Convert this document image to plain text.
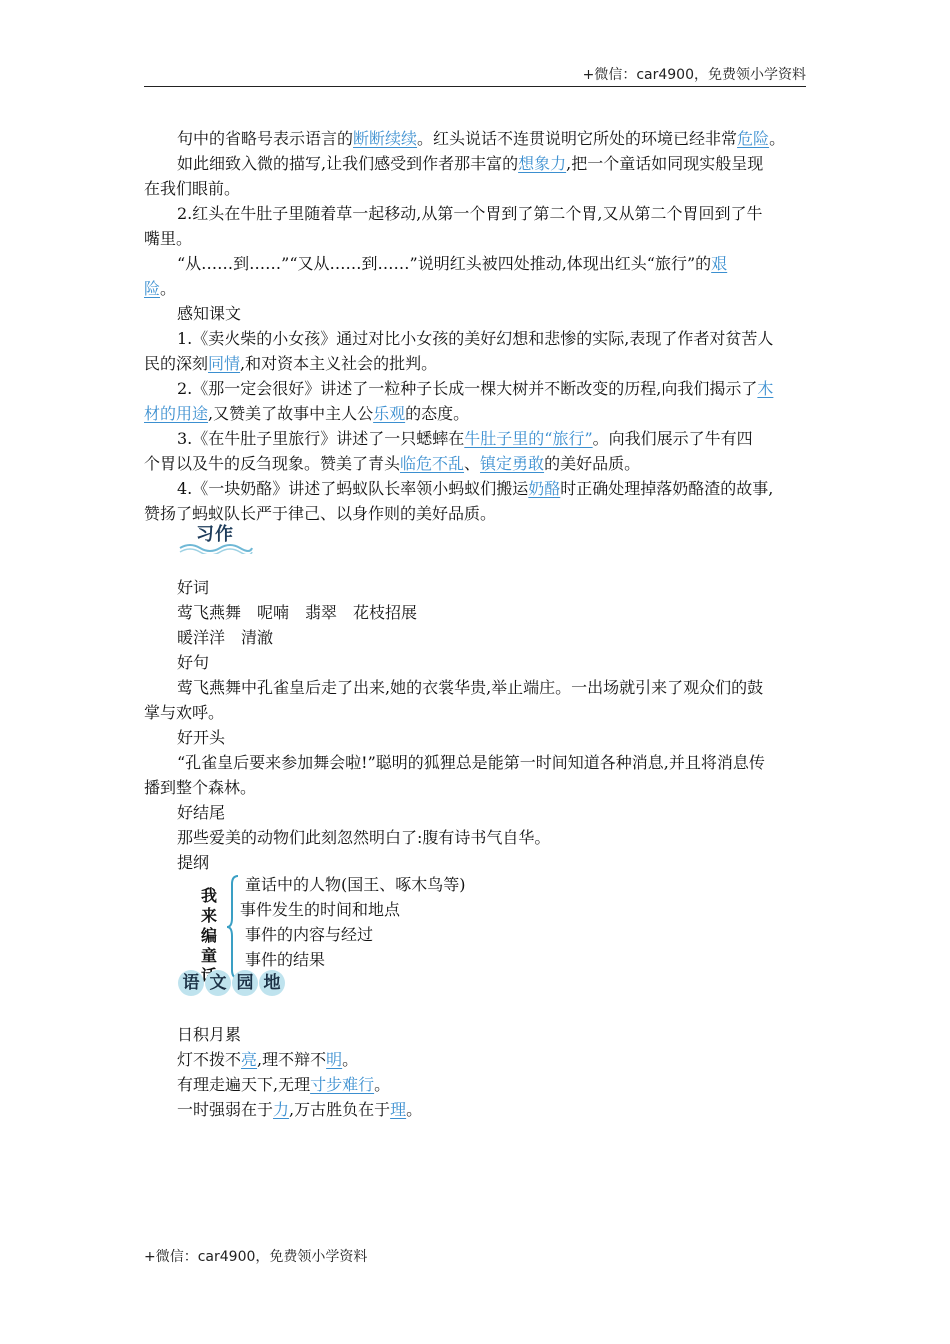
+微信：car4900，免费领小学资料
句中的省略号表示语言的断断续续。红头说话不连贯说明它所处的环境已经非常危险。
如此细致入微的描写,让我们感受到作者那丰富的想象力,把一个童话如同现实般呈现
在我们眼前。
2.红头在牛肚子里随着草一起移动,从第一个胃到了第二个胃,又从第二个胃回到了牛
嘴里。
“从……到……”“又从……到……”说明红头被四处推动,体现出红头“旅行”的艰
险。
感知课文
1.《卖火柴的小女孩》通过对比小女孩的美好幻想和悲惨的实际,表现了作者对贫苦人
民的深刻同情,和对资本主义社会的批判。
2.《那一定会很好》讲述了一粒种子长成一棵大树并不断改变的历程,向我们揭示了木
材的用途,又赞美了故事中主人公乐观的态度。
3.《在牛肚子里旅行》讲述了一只蟋蟀在牛肚子里的“旅行”。向我们展示了牛有四
个胃以及牛的反刍现象。赞美了青头临危不乱、镇定勇敢的美好品质。
4.《一块奶酪》讲述了蚂蚁队长率领小蚂蚁们搬运奶酪时正确处理掉落奶酪渣的故事,
赞扬了蚂蚁队长严于律己、以身作则的美好品质。
习作
好词
莺飞燕舞　呢喃　翡翠　花枝招展
暖洋洋　清澈
好句
莺飞燕舞中孔雀皇后走了出来,她的衣裳华贵,举止端庄。一出场就引来了观众们的鼓
掌与欢呼。
好开头
“孔雀皇后要来参加舞会啦!”聪明的狐狸总是能第一时间知道各种消息,并且将消息传
播到整个森林。
好结尾
那些爱美的动物们此刻忽然明白了:腹有诗书气自华。
提纲
我
来
编
童
童话中的人物(国王、啄木鸟等)
事件发生的时间和地点
事件的内容与经过
事件的结果
语 文 园 地
日积月累
灯不拨不亮,理不辩不明。
有理走遍天下,无理寸步难行。
一时强弱在于力,万古胜负在于理。
+微信：car4900，免费领小学资料
